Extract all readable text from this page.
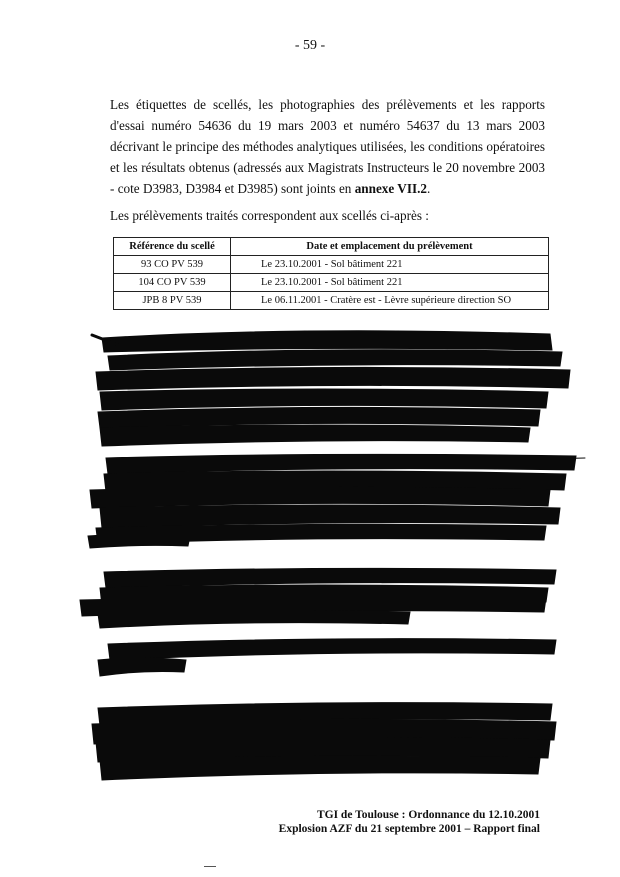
- 59 -
Les étiquettes de scellés, les photographies des prélèvements et les rapports d'essai numéro 54636 du 19 mars 2003 et numéro 54637 du 13 mars 2003 décrivant le principe des méthodes analytiques utilisées, les conditions opératoires et les résultats obtenus (adressés aux Magistrats Instructeurs le 20 novembre 2003 - cote D3983, D3984 et D3985) sont joints en annexe VII.2.
Les prélèvements traités correspondent aux scellés ci-après :
Référence du scellé	Date et emplacement du prélèvement
93 CO PV 539	Le 23.10.2001 - Sol bâtiment 221
104 CO PV 539	Le 23.10.2001 - Sol bâtiment 221
JPB 8 PV 539	Le 06.11.2001 - Cratère est - Lèvre supérieure direction SO
TGI de Toulouse : Ordonnance du 12.10.2001
Explosion AZF du 21 septembre 2001 – Rapport final
